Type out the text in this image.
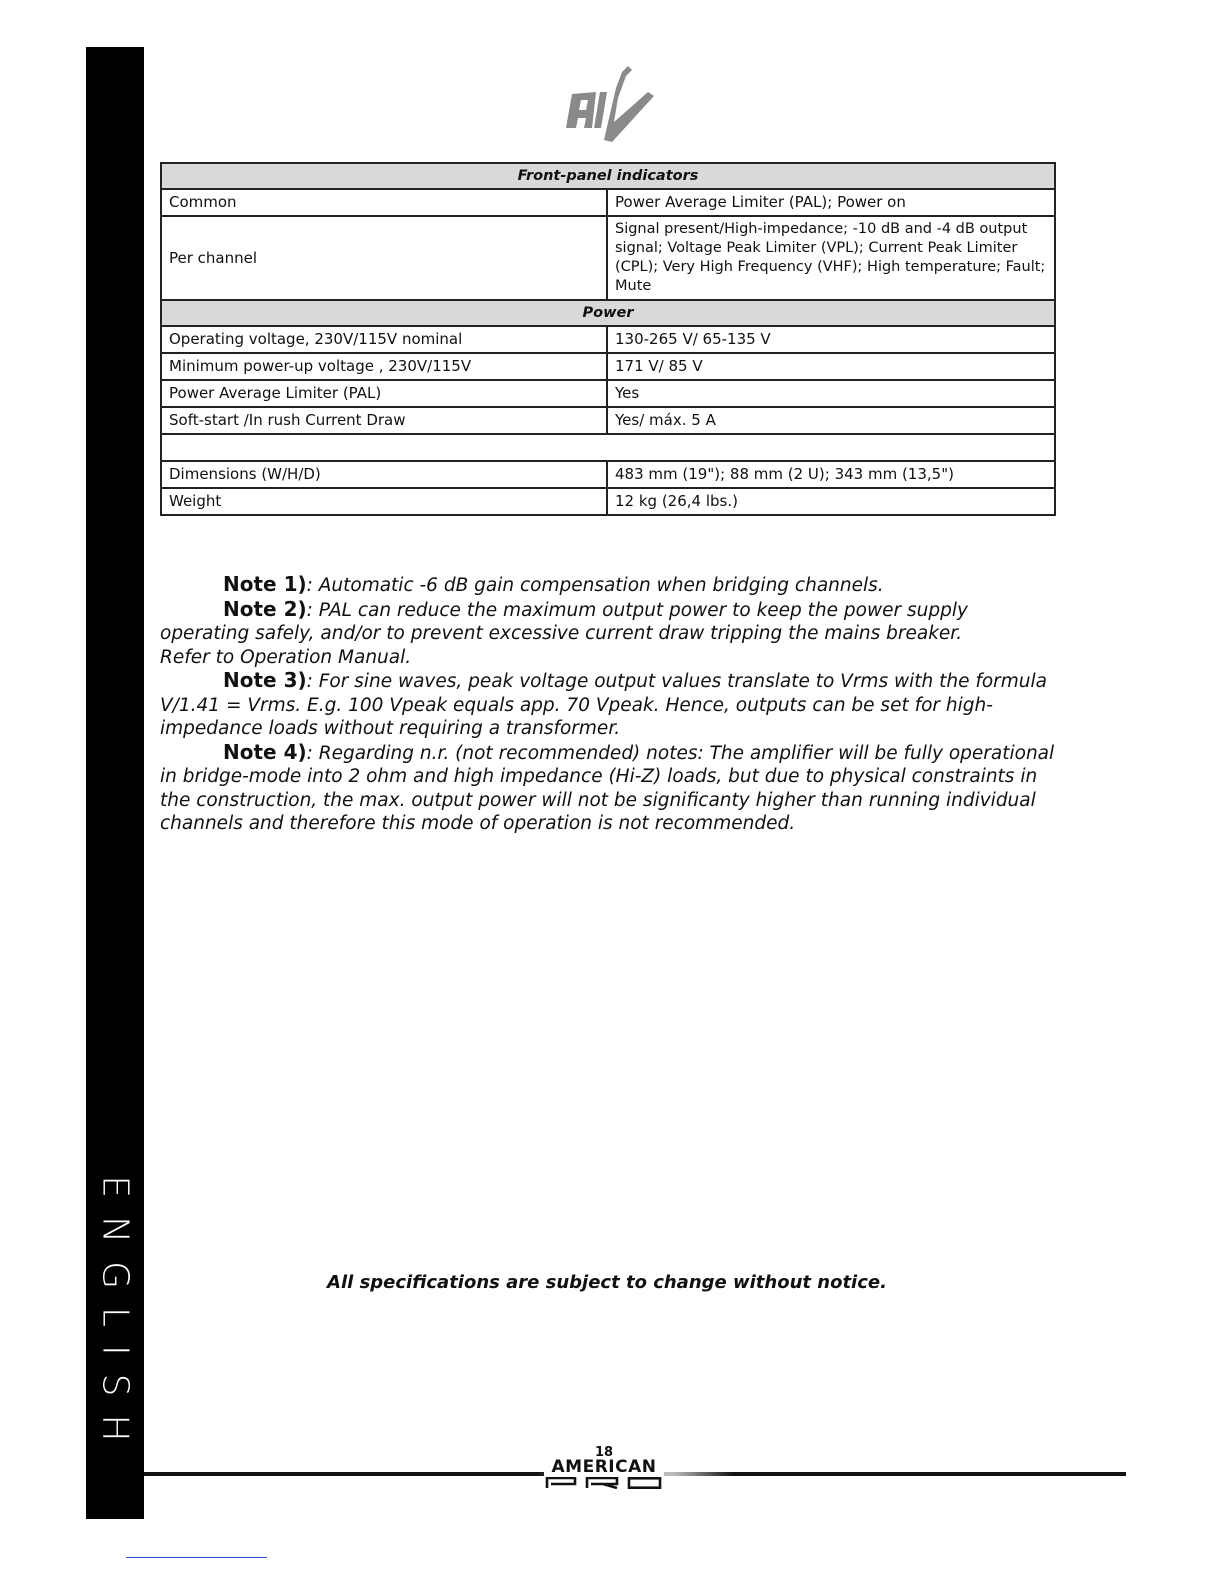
ENGLISH
Front-panel indicators	
Common	Power Average Limiter (PAL); Power on
Per channel	Signal present/High-impedance; -10 dB and -4 dB output signal; Voltage Peak Limiter (VPL); Current Peak Limiter (CPL); Very High Frequency (VHF); High temperature; Fault; Mute
Power	
Operating voltage, 230V/115V nominal	130-265 V/ 65-135 V
Minimum power-up voltage , 230V/115V	171 V/ 85 V
Power Average Limiter (PAL)	Yes
Soft-start /In rush Current Draw	Yes/ máx. 5 A

Dimensions (W/H/D)	483 mm (19"); 88 mm (2 U); 343 mm (13,5")
Weight	12 kg (26,4 lbs.)

Note 1): Automatic -6 dB gain compensation when bridging channels.

Note 2): PAL can reduce the maximum output power to keep the power supply operating safely, and/or to prevent excessive current draw tripping the mains breaker.

Refer to Operation Manual.

Note 3): For sine waves, peak voltage output values translate to Vrms with the formula V/1.41 = Vrms. E.g. 100 Vpeak equals app. 70 Vpeak. Hence, outputs can be set for high-impedance loads without requiring a transformer.

Note 4): Regarding n.r. (not recommended) notes: The amplifier will be fully operational in bridge-mode into 2 ohm and high impedance (Hi-Z) loads, but due to physical constraints in the construction, the max. output power will not be significanty higher than running individual channels and therefore this mode of operation is not recommended.

All specifications are subject to change without notice.
18
AMERICAN
